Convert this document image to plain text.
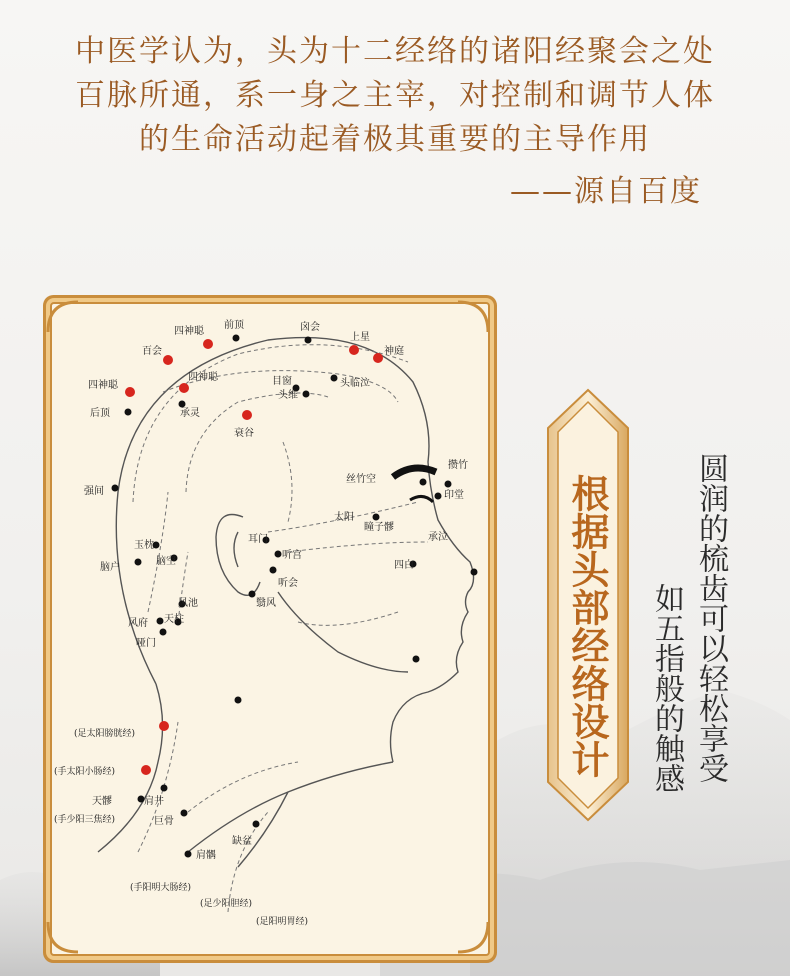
中医学认为，头为十二经络的诸阳经聚会之处
百脉所通，系一身之主宰，对控制和调节人体
的生命活动起着极其重要的主导作用
——源自百度
四神聪
前顶	囟会
上星
神庭
百会
四神聪
四神聪	目窗	头临泣
头维
后顶	承灵
衰谷
攒竹
丝竹空
印堂
太阳
瞳子髎
强间
耳门	承泣
玉枕
听宫
脑空	四白
脑户
听会
风池	翳风
风府 天柱
哑门
(足太阳膀胱经)
(手太阳小肠经)
天髎	肩井
(手少阳三焦经)	巨骨
缺盆
肩髃
(手阳明大肠经)
(足少阳胆经)
(足阳明胃经)
根据头部经络设计	圆润的梳齿可以轻松享受
如五指般的触感
